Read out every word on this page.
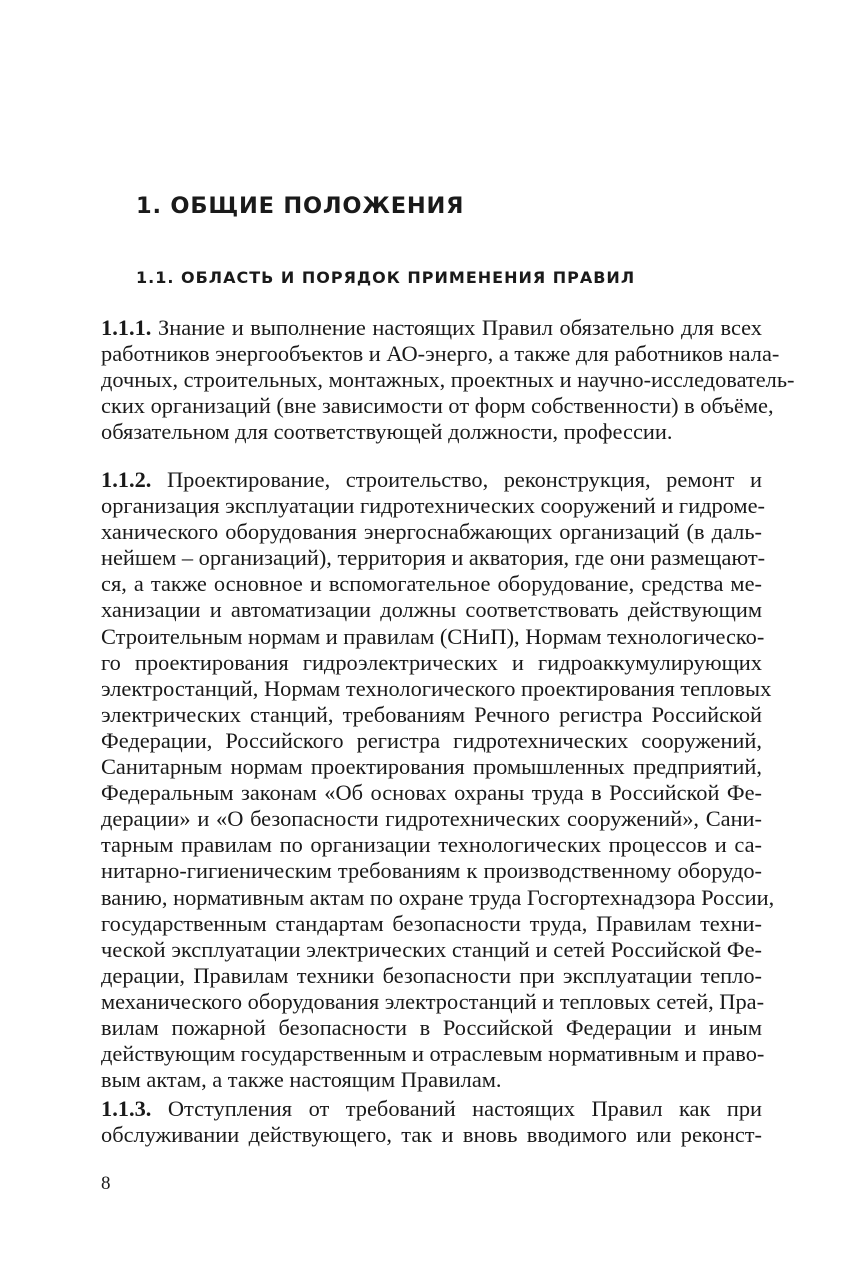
1. ОБЩИЕ ПОЛОЖЕНИЯ
1.1. ОБЛАСТЬ И ПОРЯДОК ПРИМЕНЕНИЯ ПРАВИЛ

1.1.1. Знание и выполнение настоящих Правил обязательно для всех
работников энергообъектов и АО-энерго, а также для работников нала-
дочных, строительных, монтажных, проектных и научно-исследователь-
ских организаций (вне зависимости от форм собственности) в объёме,
обязательном для соответствующей должности, профессии.

1.1.2. Проектирование, строительство, реконструкция, ремонт и
организация эксплуатации гидротехнических сооружений и гидроме-
ханического оборудования энергоснабжающих организаций (в даль-
нейшем – организаций), территория и акватория, где они размещают-
ся, а также основное и вспомогательное оборудование, средства ме-
ханизации и автоматизации должны соответствовать действующим
Строительным нормам и правилам (СНиП), Нормам технологическо-
го проектирования гидроэлектрических и гидроаккумулирующих
электростанций, Нормам технологического проектирования тепловых
электрических станций, требованиям Речного регистра Российской
Федерации, Российского регистра гидротехнических сооружений,
Санитарным нормам проектирования промышленных предприятий,
Федеральным законам «Об основах охраны труда в Российской Фе-
дерации» и «О безопасности гидротехнических сооружений», Сани-
тарным правилам по организации технологических процессов и са-
нитарно-гигиеническим требованиям к производственному оборудо-
ванию, нормативным актам по охране труда Госгортехнадзора России,
государственным стандартам безопасности труда, Правилам техни-
ческой эксплуатации электрических станций и сетей Российской Фе-
дерации, Правилам техники безопасности при эксплуатации тепло-
механического оборудования электростанций и тепловых сетей, Пра-
вилам пожарной безопасности в Российской Федерации и иным
действующим государственным и отраслевым нормативным и право-
вым актам, а также настоящим Правилам.

1.1.3. Отступления от требований настоящих Правил как при
обслуживании действующего, так и вновь вводимого или реконст-

8
